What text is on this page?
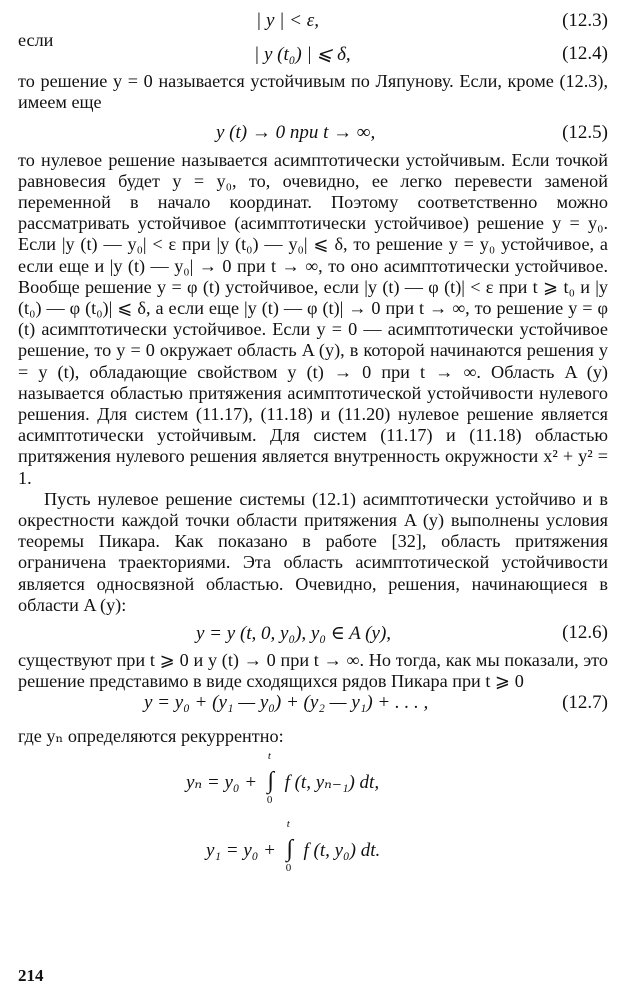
| y | < ε,	(12.3)

если

| y (t₀) | ⩽ δ,	(12.4)

то решение y = 0 называется устойчивым по Ляпунову. Если, кроме (12.3), имеем еще

y (t) → 0 при t → ∞,	(12.5)

то нулевое решение называется асимптотически устойчивым. Если точкой равновесия будет y = y₀, то, очевидно, ее легко перевести заменой переменной в начало координат. Поэтому соответственно можно рассматривать устойчивое (асимптотически устойчивое) решение y = y₀. Если |y (t) — y₀| < ε при |y (t₀) — y₀| ⩽ δ, то решение y = y₀ устойчивое, а если еще и |y (t) — y₀| → 0 при t → ∞, то оно асимптотически устойчивое. Вообще решение y = φ (t) устойчивое, если |y (t) — φ (t)| < ε при t ⩾ t₀ и |y (t₀) — φ (t₀)| ⩽ δ, а если еще |y (t) — φ (t)| → 0 при t → ∞, то решение y = φ (t) асимптотически устойчивое. Если y = 0 — асимптотически устойчивое решение, то y = 0 окружает область A (y), в которой начинаются решения y = y (t), обладающие свойством y (t) → 0 при t → ∞. Область A (y) называется областью притяжения асимптотической устойчивости нулевого решения. Для систем (11.17), (11.18) и (11.20) нулевое решение является асимптотически устойчивым. Для систем (11.17) и (11.18) областью притяжения нулевого решения является внутренность окружности x² + y² = 1.

Пусть нулевое решение системы (12.1) асимптотически устойчиво и в окрестности каждой точки области притяжения A (y) выполнены условия теоремы Пикара. Как показано в работе [32], область притяжения ограничена траекториями. Эта область асимптотической устойчивости является односвязной областью. Очевидно, решения, начинающиеся в области A (y):

y = y (t, 0, y₀), y₀ ∈ A (y),	(12.6)

существуют при t ⩾ 0 и y (t) → 0 при t → ∞. Но тогда, как мы показали, это решение представимо в виде сходящихся рядов Пикара при t ⩾ 0

y = y₀ + (y₁ — y₀) + (y₂ — y₁) + . . . ,	(12.7)

где yₙ определяются рекуррентно:

yₙ = y₀ + ∫
t
0
f (t, yₙ₋₁) dt,
y₁ = y₀ + ∫
t
0
f (t, y₀) dt.
214
